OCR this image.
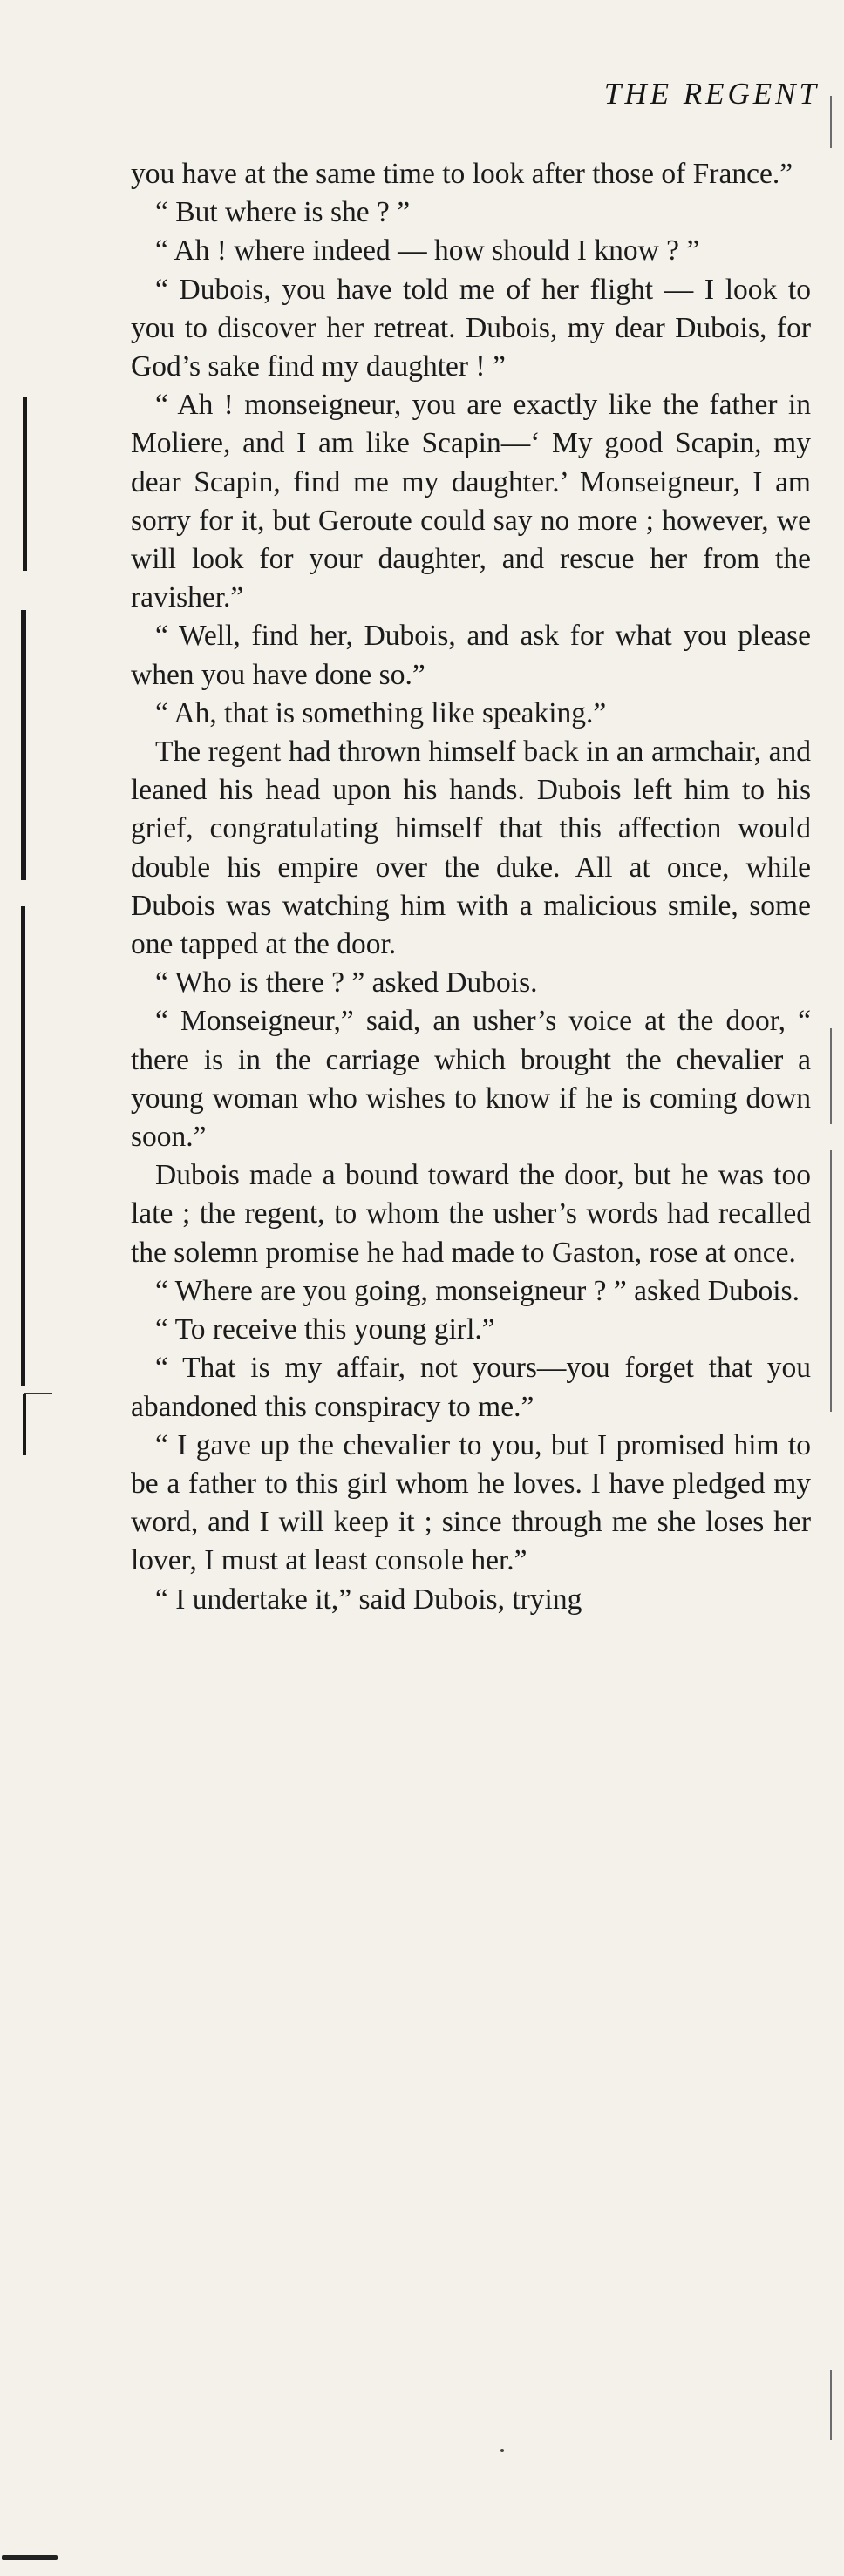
THE REGENT

you have at the same time to look after those of France.”

“ But where is she ? ”

“ Ah ! where indeed — how should I know ? ”

“ Dubois, you have told me of her flight — I look to you to discover her retreat. Dubois, my dear Dubois, for God’s sake find my daughter ! ”

“ Ah ! monseigneur, you are exactly like the father in Moliere, and I am like Scapin—‘ My good Scapin, my dear Scapin, find me my daughter.’ Monseigneur, I am sorry for it, but Geroute could say no more ; however, we will look for your daughter, and rescue her from the ravisher.”

“ Well, find her, Dubois, and ask for what you please when you have done so.”

“ Ah, that is something like speaking.”

The regent had thrown himself back in an armchair, and leaned his head upon his hands. Dubois left him to his grief, congratulating himself that this affection would double his empire over the duke. All at once, while Dubois was watching him with a malicious smile, some one tapped at the door.

“ Who is there ? ” asked Dubois.

“ Monseigneur,” said, an usher’s voice at the door, “ there is in the carriage which brought the chevalier a young woman who wishes to know if he is coming down soon.”

Dubois made a bound toward the door, but he was too late ; the regent, to whom the usher’s words had recalled the solemn promise he had made to Gaston, rose at once.

“ Where are you going, monseigneur ? ” asked Dubois.

“ To receive this young girl.”

“ That is my affair, not yours—you forget that you abandoned this conspiracy to me.”

“ I gave up the chevalier to you, but I promised him to be a father to this girl whom he loves. I have pledged my word, and I will keep it ; since through me she loses her lover, I must at least console her.”

“ I undertake it,” said Dubois, trying
